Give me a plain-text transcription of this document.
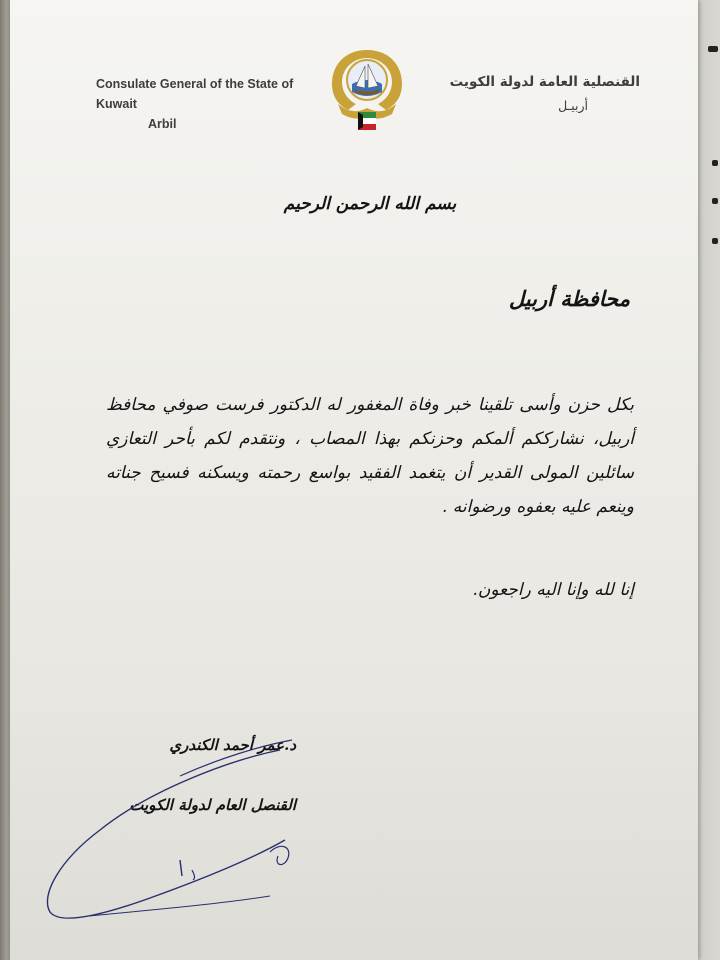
Consulate General of the State of Kuwait
Arbil
القنصلية العامة لدولة الكويت
أربيـل
بسم الله الرحمن الرحيم
محافظة أربيل
بكل حزن وأسى تلقينا خبر وفاة المغفور له الدكتور فرست صوفي محافظ أربيل، نشارككم ألمكم وحزنكم بهذا المصاب ، ونتقدم لكم بأحر التعازي سائلين المولى القدير أن يتغمد الفقيد بواسع رحمته ويسكنه فسيح جناته وينعم عليه بعفوه ورضوانه .
إنا لله وإنا اليه راجعون.
د.عمر أحمد الكندري
القنصل العام لدولة الكويت
